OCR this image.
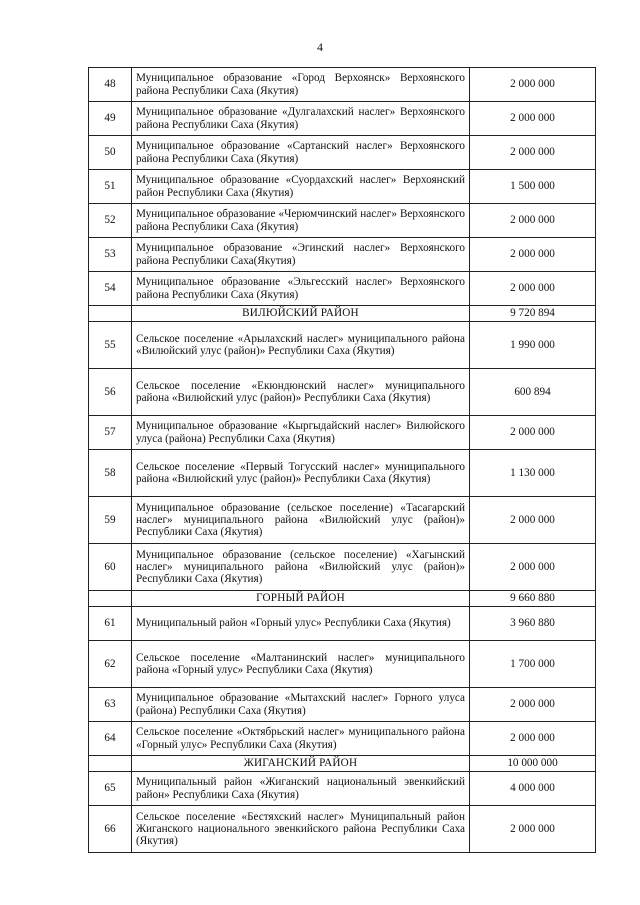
4
48	Муниципальное образование «Город Верхоянск» Верхоянского района Республики Саха (Якутия)	2 000 000
49	Муниципальное образование «Дулгалахский наслег» Верхоянского района Республики Саха (Якутия)	2 000 000
50	Муниципальное образование «Сартанский наслег» Верхоянского района Республики Саха (Якутия)	2 000 000
51	Муниципальное образование «Суордахский наслег» Верхоянский район Республики Саха (Якутия)	1 500 000
52	Муниципальное образование «Черюмчинский наслег» Верхоянского района Республики Саха (Якутия)	2 000 000
53	Муниципальное образование «Эгинский наслег» Верхоянского района Республики Саха(Якутия)	2 000 000
54	Муниципальное образование «Эльгесский наслег» Верхоянского района Республики Саха (Якутия)	2 000 000
	ВИЛЮЙСКИЙ РАЙОН	9 720 894
55	Сельское поселение «Арылахский наслег» муниципального района «Вилюйский улус (район)» Республики Саха (Якутия)	1 990 000
56	Сельское поселение «Екюндюнский наслег» муниципального района «Вилюйский улус (район)» Республики Саха (Якутия)	600 894
57	Муниципальное образование «Кыргыдайский наслег» Вилюйского улуса (района) Республики Саха (Якутия)	2 000 000
58	Сельское поселение «Первый Тогусский наслег» муниципального района «Вилюйский улус (район)» Республики Саха (Якутия)	1 130 000
59	Муниципальное образование (сельское поселение) «Тасагарский наслег» муниципального района «Вилюйский улус (район)» Республики Саха (Якутия)	2 000 000
60	Муниципальное образование (сельское поселение) «Хагынский наслег» муниципального района «Вилюйский улус (район)» Республики Саха (Якутия)	2 000 000
	ГОРНЫЙ РАЙОН	9 660 880
61	Муниципальный район «Горный улус» Республики Саха (Якутия)	3 960 880
62	Сельское поселение «Малтанинский наслег» муниципального района «Горный улус» Республики Саха (Якутия)	1 700 000
63	Муниципальное образование «Мытахский наслег» Горного улуса (района) Республики Саха (Якутия)	2 000 000
64	Сельское поселение «Октябрьский наслег» муниципального района «Горный улус» Республики Саха (Якутия)	2 000 000
	ЖИГАНСКИЙ РАЙОН	10 000 000
65	Муниципальный район «Жиганский национальный эвенкийский район» Республики Саха (Якутия)	4 000 000
66	Сельское поселение «Бестяхский наслег» Муниципальный район Жиганского национального эвенкийского района Республики Саха (Якутия)	2 000 000
